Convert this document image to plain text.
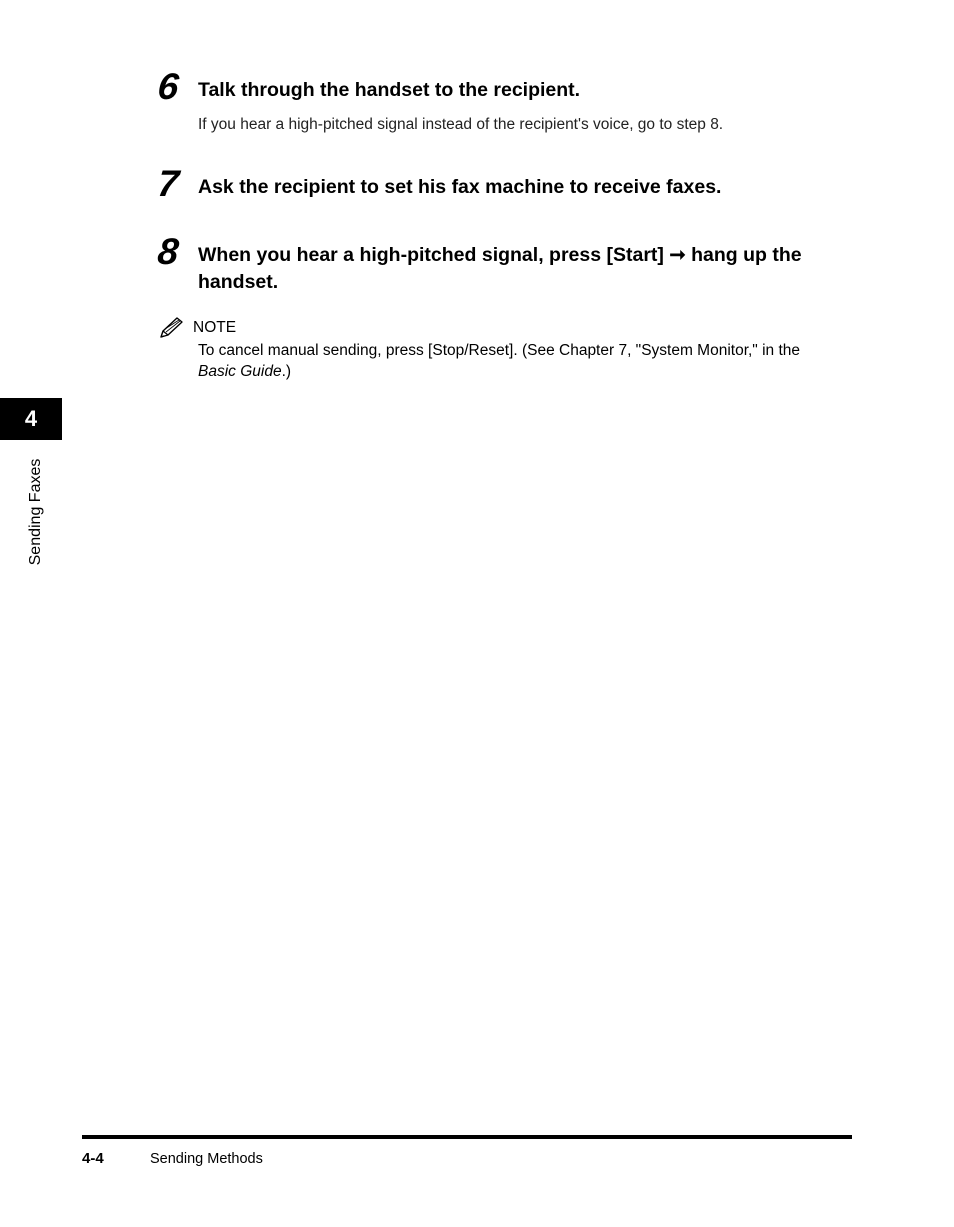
6 Talk through the handset to the recipient.
If you hear a high-pitched signal instead of the recipient's voice, go to step 8.
7 Ask the recipient to set his fax machine to receive faxes.
8 When you hear a high-pitched signal, press [Start] ➞ hang up the handset.
NOTE
To cancel manual sending, press [Stop/Reset]. (See Chapter 7, "System Monitor," in the
Basic Guide.)
4
Sending Faxes
4-4	Sending Methods
